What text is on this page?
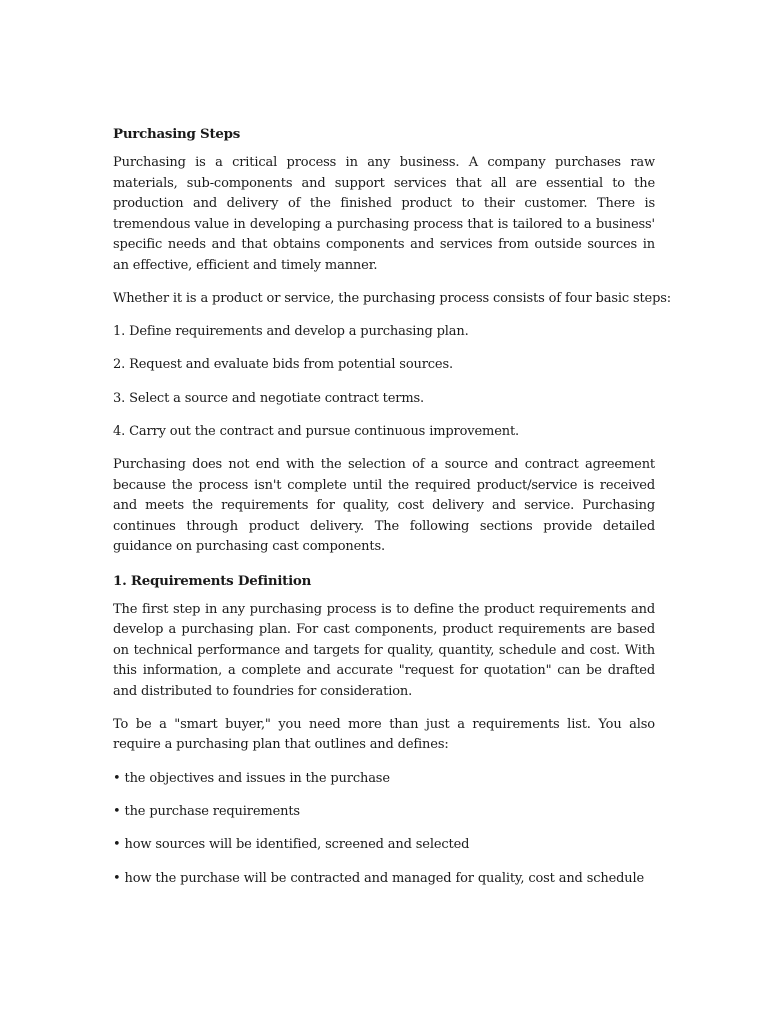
Purchasing Steps

Purchasing is a critical process in any business. A company purchases raw materials, sub-components and support services that all are essential to the production and delivery of the finished product to their customer. There is tremendous value in developing a purchasing process that is tailored to a business' specific needs and that obtains components and services from outside sources in an effective, efficient and timely manner.

Whether it is a product or service, the purchasing process consists of four basic steps:
1. Define requirements and develop a purchasing plan.
2. Request and evaluate bids from potential sources.
3. Select a source and negotiate contract terms.
4. Carry out the contract and pursue continuous improvement.

Purchasing does not end with the selection of a source and contract agreement because the process isn't complete until the required product/service is received and meets the requirements for quality, cost delivery and service. Purchasing continues through product delivery. The following sections provide detailed guidance on purchasing cast components.

1. Requirements Definition

The first step in any purchasing process is to define the product requirements and develop a purchasing plan. For cast components, product requirements are based on technical performance and targets for quality, quantity, schedule and cost. With this information, a complete and accurate "request for quotation" can be drafted and distributed to foundries for consideration.

To be a "smart buyer," you need more than just a requirements list. You also require a purchasing plan that outlines and defines:

• the objectives and issues in the purchase
• the purchase requirements
• how sources will be identified, screened and selected
• how the purchase will be contracted and managed for quality, cost and schedule
